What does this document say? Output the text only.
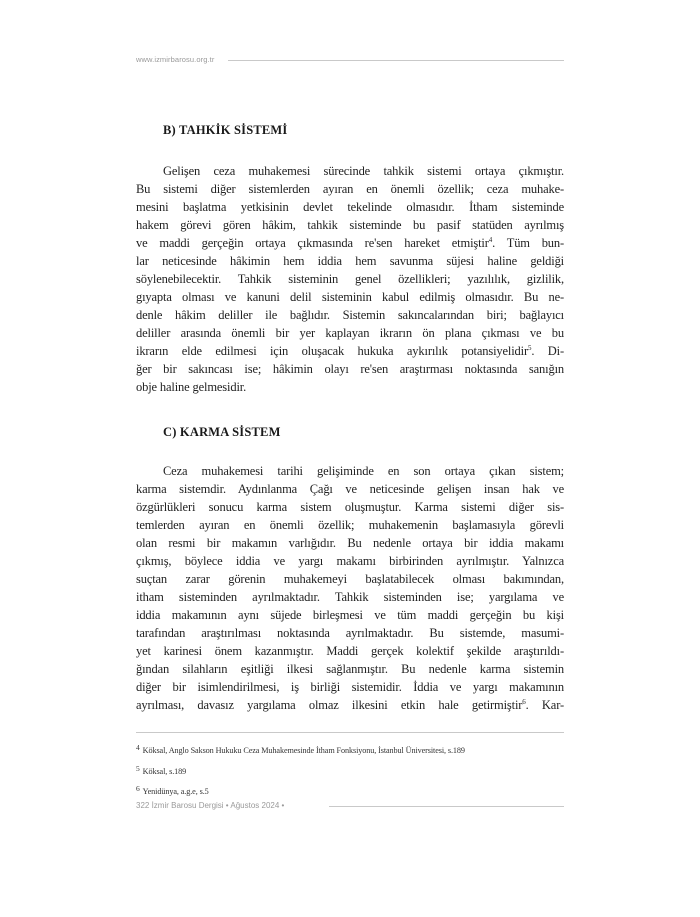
www.izmirbarosu.org.tr
B) TAHKİK SİSTEMİ
Gelişen ceza muhakemesi sürecinde tahkik sistemi ortaya çıkmıştır.
Bu sistemi diğer sistemlerden ayıran en önemli özellik; ceza muhake-
mesini başlatma yetkisinin devlet tekelinde olmasıdır. İtham sisteminde
hakem görevi gören hâkim, tahkik sisteminde bu pasif statüden ayrılmış
ve maddi gerçeğin ortaya çıkmasında re'sen hareket etmiştir$^4$. Tüm bun-
lar neticesinde hâkimin hem iddia hem savunma süjesi haline geldiği
söylenebilecektir. Tahkik sisteminin genel özellikleri; yazılılık, gizlilik,
gıyapta olması ve kanuni delil sisteminin kabul edilmiş olmasıdır. Bu ne-
denle hâkim deliller ile bağlıdır. Sistemin sakıncalarından biri; bağlayıcı
deliller arasında önemli bir yer kaplayan ikrarın ön plana çıkması ve bu
ikrarın elde edilmesi için oluşacak hukuka aykırılık potansiyelidir$^5$. Di-
ğer bir sakıncası ise; hâkimin olayı re'sen araştırması noktasında sanığın
obje haline gelmesidir.
C) KARMA SİSTEM
Ceza muhakemesi tarihi gelişiminde en son ortaya çıkan sistem;
karma sistemdir. Aydınlanma Çağı ve neticesinde gelişen insan hak ve
özgürlükleri sonucu karma sistem oluşmuştur. Karma sistemi diğer sis-
temlerden ayıran en önemli özellik; muhakemenin başlamasıyla görevli
olan resmi bir makamın varlığıdır. Bu nedenle ortaya bir iddia makamı
çıkmış, böylece iddia ve yargı makamı birbirinden ayrılmıştır. Yalnızca
suçtan zarar görenin muhakemeyi başlatabilecek olması bakımından,
itham sisteminden ayrılmaktadır. Tahkik sisteminden ise; yargılama ve
iddia makamının aynı süjede birleşmesi ve tüm maddi gerçeğin bu kişi
tarafından araştırılması noktasında ayrılmaktadır. Bu sistemde, masumi-
yet karinesi önem kazanmıştır. Maddi gerçek kolektif şekilde araştırıldı-
ğından silahların eşitliği ilkesi sağlanmıştır. Bu nedenle karma sistemin
diğer bir isimlendirilmesi, iş birliği sistemidir. İddia ve yargı makamının
ayrılması, davasız yargılama olmaz ilkesini etkin hale getirmiştir$^6$. Kar-
4 Köksal, Anglo Sakson Hukuku Ceza Muhakemesinde İtham Fonksiyonu, İstanbul Üniversitesi, s.189
5 Köksal, s.189
6 Yenidünya, a.g.e, s.5
322 İzmir Barosu Dergisi • Ağustos 2024 •
